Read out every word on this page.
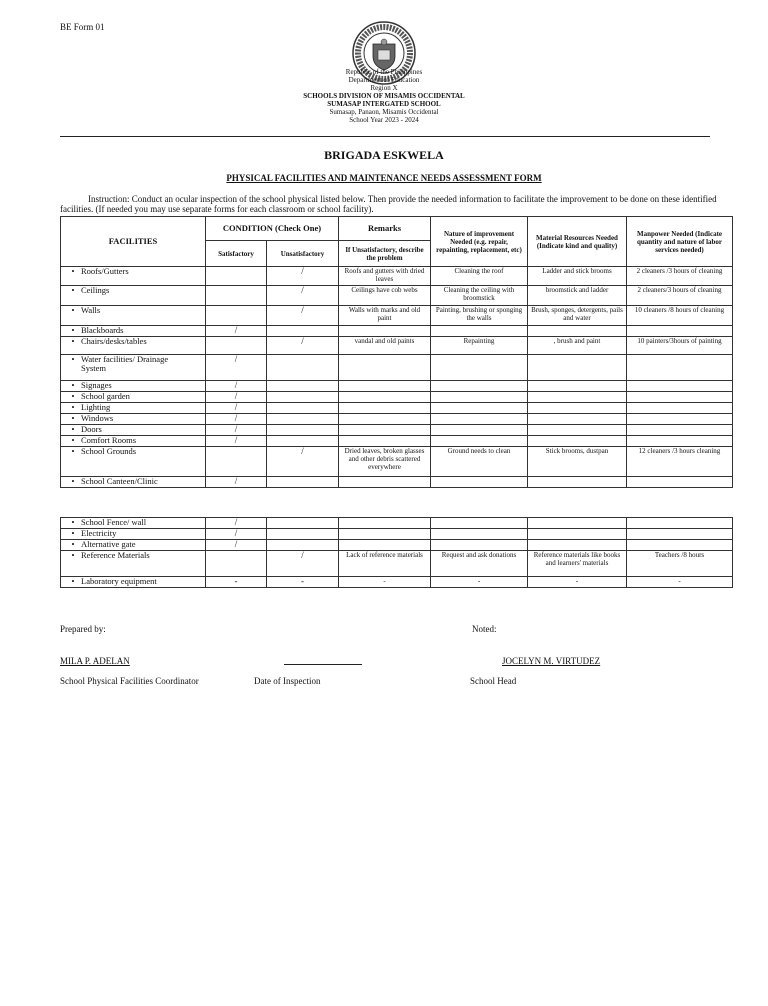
BE Form 01
Republic of the Philippines
Department of Education
Region X
SCHOOLS DIVISION OF MISAMIS OCCIDENTAL
SUMASAP INTERGATED SCHOOL
Sumasap, Panaon, Misamis Occidental
School Year 2023 - 2024
BRIGADA ESKWELA
PHYSICAL FACILITIES AND MAINTENANCE NEEDS ASSESSMENT FORM
Instruction: Conduct an ocular inspection of the school physical listed below. Then provide the needed information to facilitate the improvement to be done on these identified facilities. (If needed you may use separate forms for each classroom or school facility).
FACILITIES	CONDITION (Check One)		Remarks	Nature of improvement Needed (e.g. repair, repainting, replacement, etc)	Material Resources Needed (Indicate kind and quality)	Manpower Needed (Indicate quantity and nature of labor services needed)
	Satisfactory	Unsatisfactory	If Unsatisfactory, describe the problem			
• Roofs/Gutters		/	Roofs and gutters with dried leaves	Cleaning the roof	Ladder and stick brooms	2 cleaners /3 hours of cleaning
• Ceilings		/	Ceilings have cob webs	Cleaning the ceiling with broomstick	broomstick and ladder	2 cleaners/3 hours of cleaning
• Walls		/	Walls with marks and old paint	Painting, brushing or sponging the walls	Brush, sponges, detergents, pails and water	10 cleaners /8 hours of cleaning
• Blackboards	/					
• Chairs/desks/tables		/	vandal and old paints	Repainting	, brush and paint	10 painters/3hours of painting
• Water facilities/ Drainage System	/					
• Signages	/					
• School garden	/					
• Lighting	/					
• Windows	/					
• Doors	/					
• Comfort Rooms	/					
• School Grounds		/	Dried leaves, broken glasses and other debris scattered everywhere	Ground needs to clean	Stick brooms, dustpan	12 cleaners /3 hours cleaning
• School Canteen/Clinic	/					
• School Fence/ wall	/					
• Electricity	/					
• Alternative gate	/					
• Reference Materials		/	Lack of reference materials	Request and ask donations	Reference materials like books and learners' materials	Teachers /8 hours
• Laboratory equipment	-	-	-	-	-	-
Prepared by:	Noted:
MILA P. ADELAN	JOCELYN M. VIRTUDEZ
School Physical Facilities Coordinator	Date of Inspection	School Head
